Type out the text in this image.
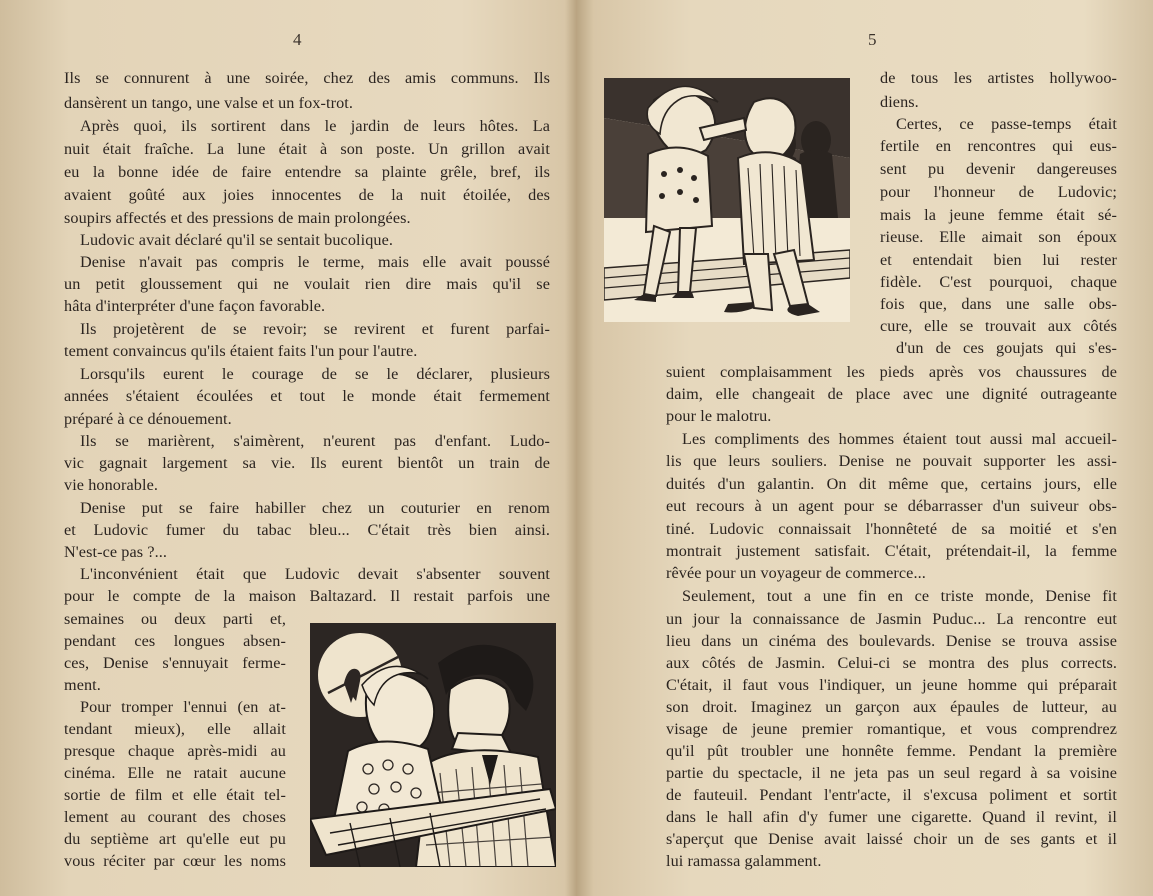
4
Ils se connurent à une soirée, chez des amis communs. Ils
dansèrent un tango, une valse et un fox-trot.
Après quoi, ils sortirent dans le jardin de leurs hôtes. La
nuit était fraîche. La lune était à son poste. Un grillon avait
eu la bonne idée de faire entendre sa plainte grêle, bref, ils
avaient goûté aux joies innocentes de la nuit étoilée, des
soupirs affectés et des pressions de main prolongées.
Ludovic avait déclaré qu'il se sentait bucolique.
Denise n'avait pas compris le terme, mais elle avait poussé
un petit gloussement qui ne voulait rien dire mais qu'il se
hâta d'interpréter d'une façon favorable.
Ils projetèrent de se revoir; se revirent et furent parfai-
tement convaincus qu'ils étaient faits l'un pour l'autre.
Lorsqu'ils eurent le courage de se le déclarer, plusieurs
années s'étaient écoulées et tout le monde était fermement
préparé à ce dénouement.
Ils se marièrent, s'aimèrent, n'eurent pas d'enfant. Ludo-
vic gagnait largement sa vie. Ils eurent bientôt un train de
vie honorable.
Denise put se faire habiller chez un couturier en renom
et Ludovic fumer du tabac bleu... C'était très bien ainsi.
N'est-ce pas ?...
L'inconvénient était que Ludovic devait s'absenter souvent
pour le compte de la maison Baltazard. Il restait parfois une
semaines ou deux parti et,
pendant ces longues absen-
ces, Denise s'ennuyait ferme-
ment.
Pour tromper l'ennui (en at-
tendant mieux), elle allait
presque chaque après-midi au
cinéma. Elle ne ratait aucune
sortie de film et elle était tel-
lement au courant des choses
du septième art qu'elle eut pu
vous réciter par cœur les noms
5
de tous les artistes hollywoo-
diens.
Certes, ce passe-temps était
fertile en rencontres qui eus-
sent pu devenir dangereuses
pour l'honneur de Ludovic;
mais la jeune femme était sé-
rieuse. Elle aimait son époux
et entendait bien lui rester
fidèle. C'est pourquoi, chaque
fois que, dans une salle obs-
cure, elle se trouvait aux côtés
d'un de ces goujats qui s'es-
suient complaisamment les pieds après vos chaussures de
daim, elle changeait de place avec une dignité outrageante
pour le malotru.
Les compliments des hommes étaient tout aussi mal accueil-
lis que leurs souliers. Denise ne pouvait supporter les assi-
duités d'un galantin. On dit même que, certains jours, elle
eut recours à un agent pour se débarrasser d'un suiveur obs-
tiné. Ludovic connaissait l'honnêteté de sa moitié et s'en
montrait justement satisfait. C'était, prétendait-il, la femme
rêvée pour un voyageur de commerce...
Seulement, tout a une fin en ce triste monde, Denise fit
un jour la connaissance de Jasmin Puduc... La rencontre eut
lieu dans un cinéma des boulevards. Denise se trouva assise
aux côtés de Jasmin. Celui-ci se montra des plus corrects.
C'était, il faut vous l'indiquer, un jeune homme qui préparait
son droit. Imaginez un garçon aux épaules de lutteur, au
visage de jeune premier romantique, et vous comprendrez
qu'il pût troubler une honnête femme. Pendant la première
partie du spectacle, il ne jeta pas un seul regard à sa voisine
de fauteuil. Pendant l'entr'acte, il s'excusa poliment et sortit
dans le hall afin d'y fumer une cigarette. Quand il revint, il
s'aperçut que Denise avait laissé choir un de ses gants et il
lui ramassa galamment.
